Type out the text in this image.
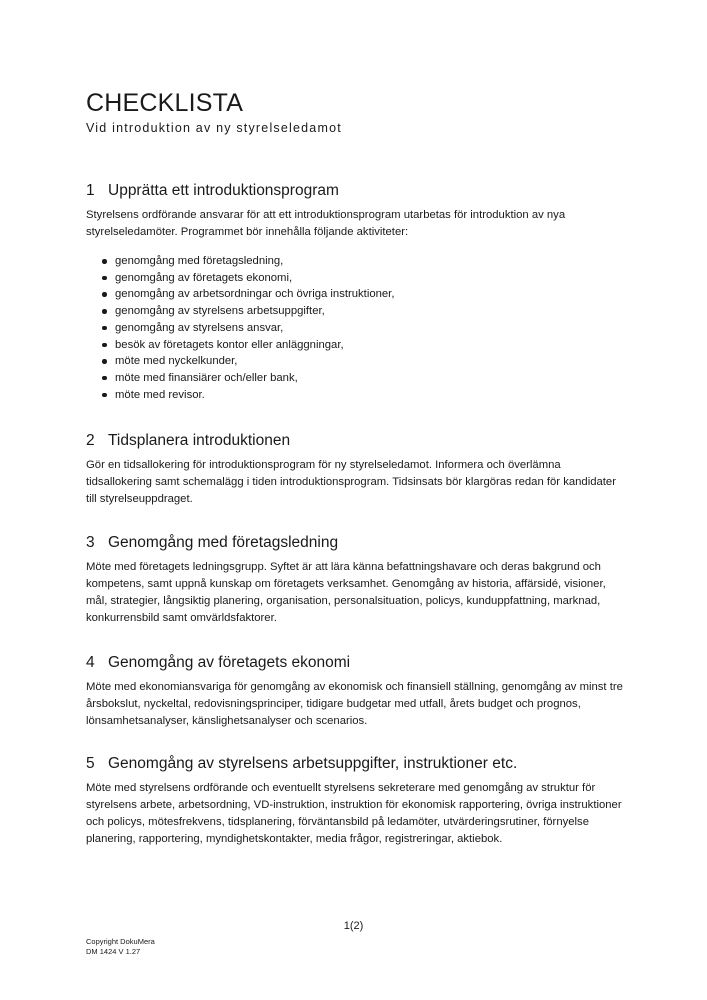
CHECKLISTA

Vid introduktion av ny styrelseledamot

1 Upprätta ett introduktionsprogram

Styrelsens ordförande ansvarar för att ett introduktionsprogram utarbetas för introduktion av nya styrelseledamöter. Programmet bör innehålla följande aktiviteter:

genomgång med företagsledning,
genomgång av företagets ekonomi,
genomgång av arbetsordningar och övriga instruktioner,
genomgång av styrelsens arbetsuppgifter,
genomgång av styrelsens ansvar,
besök av företagets kontor eller anläggningar,
möte med nyckelkunder,
möte med finansiärer och/eller bank,
möte med revisor.
2 Tidsplanera introduktionen

Gör en tidsallokering för introduktionsprogram för ny styrelseledamot. Informera och överlämna tidsallokering samt schemalägg i tiden introduktionsprogram. Tidsinsats bör klargöras redan för kandidater till styrelseuppdraget.

3 Genomgång med företagsledning

Möte med företagets ledningsgrupp. Syftet är att lära känna befattningshavare och deras bakgrund och kompetens, samt uppnå kunskap om företagets verksamhet. Genomgång av historia, affärsidé, visioner, mål, strategier, långsiktig planering, organisation, personalsituation, policys, kunduppfattning, marknad, konkurrensbild samt omvärldsfaktorer.

4 Genomgång av företagets ekonomi

Möte med ekonomiansvariga för genomgång av ekonomisk och finansiell ställning, genomgång av minst tre årsbokslut, nyckeltal, redovisningsprinciper, tidigare budgetar med utfall, årets budget och prognos, lönsamhetsanalyser, känslighetsanalyser och scenarios.

5 Genomgång av styrelsens arbetsuppgifter, instruktioner etc.

Möte med styrelsens ordförande och eventuellt styrelsens sekreterare med genomgång av struktur för styrelsens arbete, arbetsordning, VD-instruktion, instruktion för ekonomisk rapportering, övriga instruktioner och policys, mötesfrekvens, tidsplanering, förväntansbild på ledamöter, utvärderingsrutiner, förnyelse planering, rapportering, myndighetskontakter, media frågor, registreringar, aktiebok.

1(2)
Copyright DokuMera
DM 1424 V 1.27
